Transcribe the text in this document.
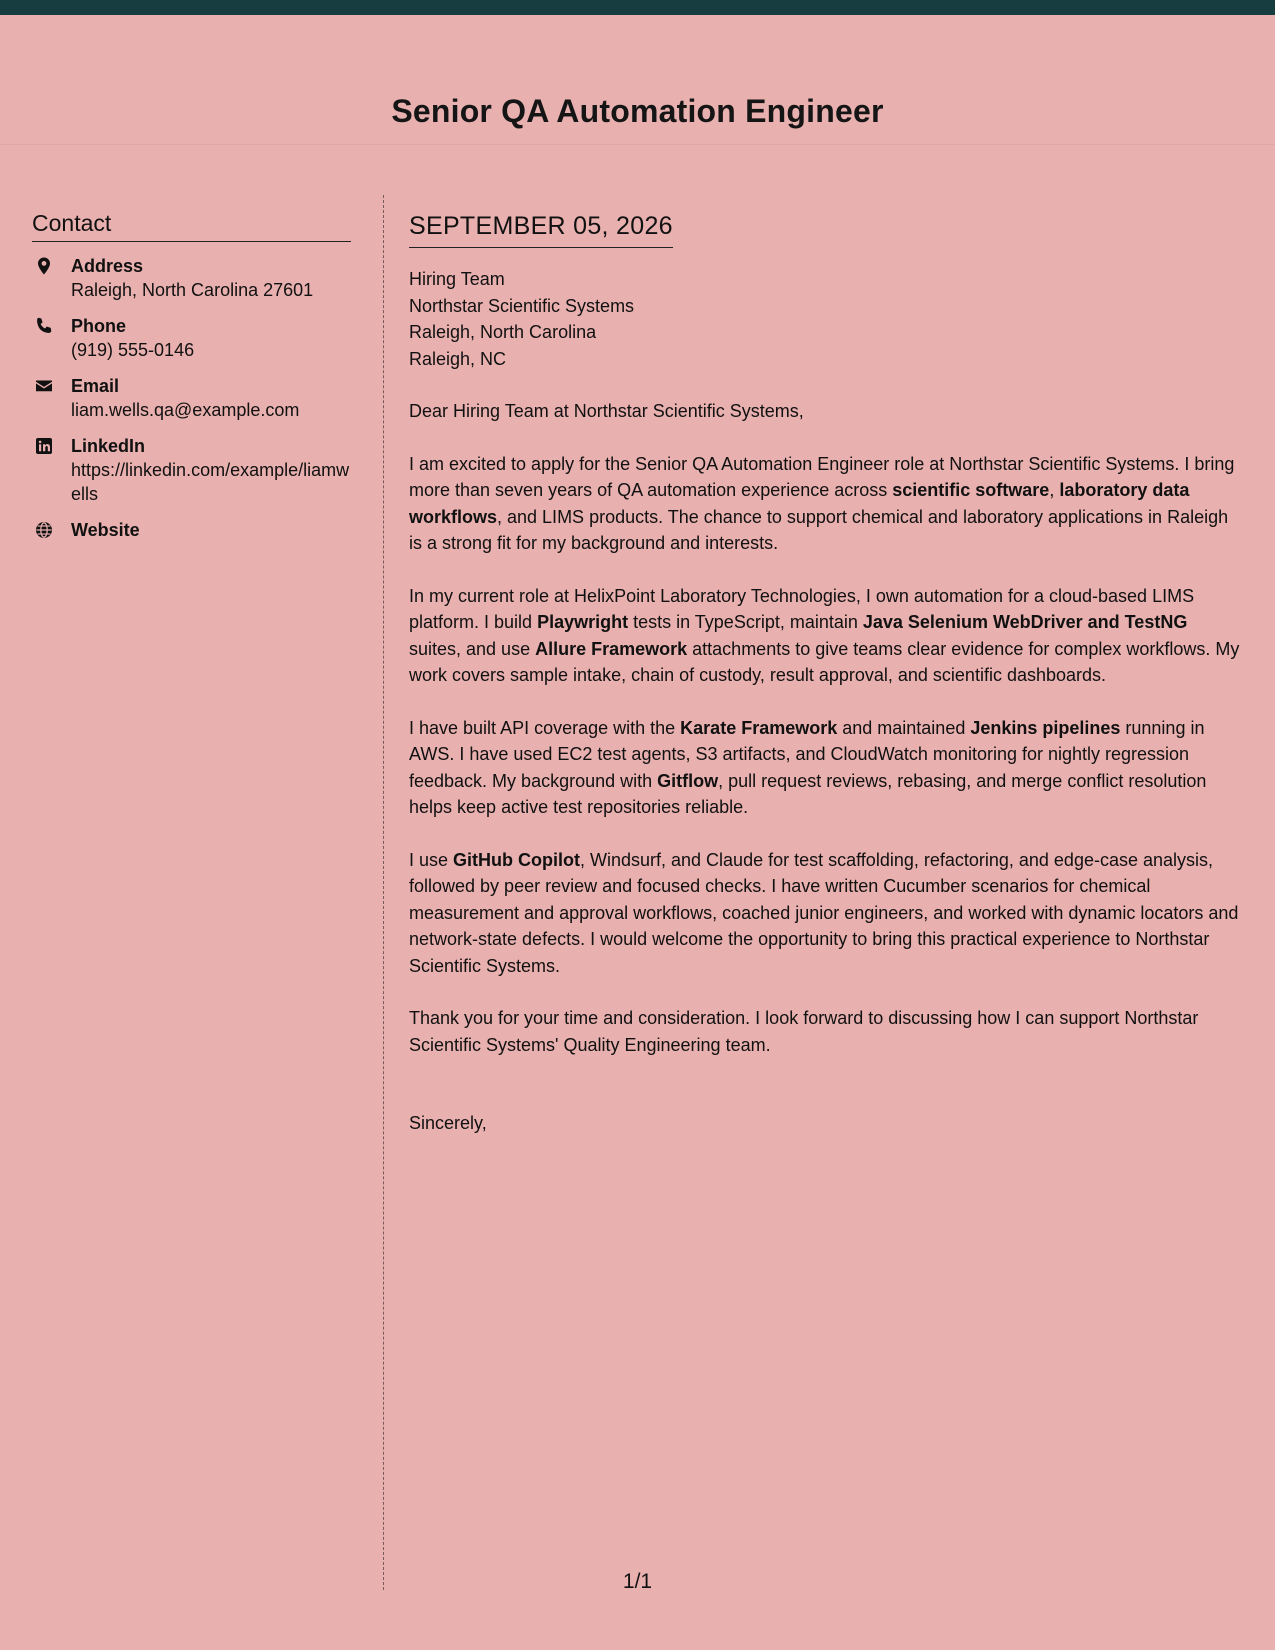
Senior QA Automation Engineer
Contact
Address
Raleigh, North Carolina 27601
Phone
(919) 555-0146
Email
liam.wells.qa@example.com
LinkedIn
https://linkedin.com/example/liamwells
Website
SEPTEMBER 05, 2026
Hiring Team
Northstar Scientific Systems
Raleigh, North Carolina
Raleigh, NC

Dear Hiring Team at Northstar Scientific Systems,

I am excited to apply for the Senior QA Automation Engineer role at Northstar Scientific Systems. I bring more than seven years of QA automation experience across scientific software, laboratory data workflows, and LIMS products. The chance to support chemical and laboratory applications in Raleigh is a strong fit for my background and interests.

In my current role at HelixPoint Laboratory Technologies, I own automation for a cloud-based LIMS platform. I build Playwright tests in TypeScript, maintain Java Selenium WebDriver and TestNG suites, and use Allure Framework attachments to give teams clear evidence for complex workflows. My work covers sample intake, chain of custody, result approval, and scientific dashboards.

I have built API coverage with the Karate Framework and maintained Jenkins pipelines running in AWS. I have used EC2 test agents, S3 artifacts, and CloudWatch monitoring for nightly regression feedback. My background with Gitflow, pull request reviews, rebasing, and merge conflict resolution helps keep active test repositories reliable.

I use GitHub Copilot, Windsurf, and Claude for test scaffolding, refactoring, and edge-case analysis, followed by peer review and focused checks. I have written Cucumber scenarios for chemical measurement and approval workflows, coached junior engineers, and worked with dynamic locators and network-state defects. I would welcome the opportunity to bring this practical experience to Northstar Scientific Systems.

Thank you for your time and consideration. I look forward to discussing how I can support Northstar Scientific Systems' Quality Engineering team.

Sincerely,

1/1
